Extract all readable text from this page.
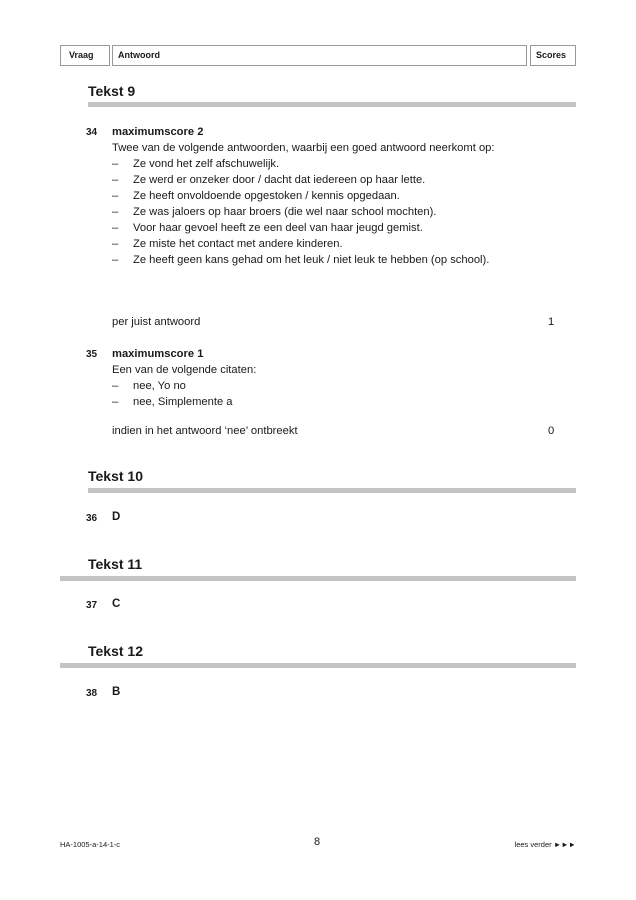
Vraag	Antwoord	Scores
Tekst 9
34 maximumscore 2
Twee van de volgende antwoorden, waarbij een goed antwoord neerkomt op:
– Ze vond het zelf afschuwelijk.
– Ze werd er onzeker door / dacht dat iedereen op haar lette.
– Ze heeft onvoldoende opgestoken / kennis opgedaan.
– Ze was jaloers op haar broers (die wel naar school mochten).
– Voor haar gevoel heeft ze een deel van haar jeugd gemist.
– Ze miste het contact met andere kinderen.
– Ze heeft geen kans gehad om het leuk / niet leuk te hebben (op school).
per juist antwoord	1
35 maximumscore 1
Een van de volgende citaten:
– nee, Yo no
– nee, Simplemente a
indien in het antwoord ‘nee’ ontbreekt	0
Tekst 10
36 D
Tekst 11
37 C
Tekst 12
38 B
HA-1005-a-14-1-c	8	lees verder ►►►
